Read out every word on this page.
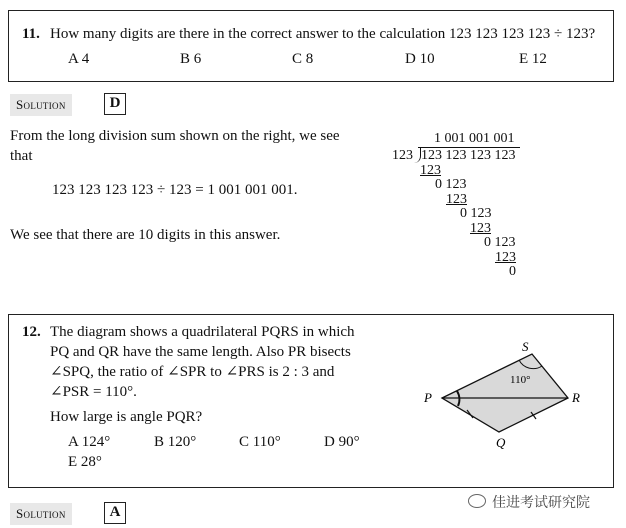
11. How many digits are there in the correct answer to the calculation 123 123 123 123 ÷ 123?
A 4	B 6	C 8	D 10	E 12
Solution	D
From the long division sum shown on the right, we see that
123 123 123 123 ÷ 123 = 1 001 001 001.
We see that there are 10 digits in this answer.
1 001 001 001
123 123 123 123 123
123
0 123
123
0 123
123
0 123
123
0
12. The diagram shows a quadrilateral PQRS in which
PQ and QR have the same length. Also PR bisects
∠SPQ, the ratio of ∠SPR to ∠PRS is 2 : 3 and
∠PSR = 110°.
How large is angle PQR?
A 124°	B 120°	C 110°	D 90°
E 28°
110°
P
S
R
Q
Solution	A
佳进考试研究院
